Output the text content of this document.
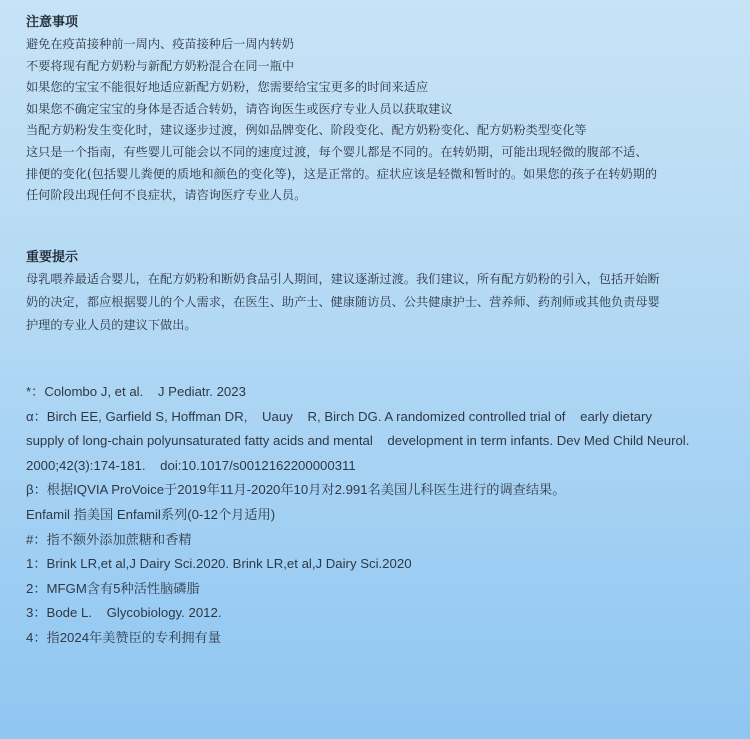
注意事项

避免在疫苗接种前一周内、疫苗接种后一周内转奶

不要将现有配方奶粉与新配方奶粉混合在同一瓶中

如果您的宝宝不能很好地适应新配方奶粉，您需要给宝宝更多的时间来适应

如果您不确定宝宝的身体是否适合转奶，请咨询医生或医疗专业人员以获取建议

当配方奶粉发生变化时，建议逐步过渡，例如品牌变化、阶段变化、配方奶粉变化、配方奶粉类型变化等

这只是一个指南，有些婴儿可能会以不同的速度过渡，每个婴儿都是不同的。在转奶期，可能出现轻微的腹部不适、

排便的变化(包括婴儿粪便的质地和颜色的变化等)，这是正常的。症状应该是轻微和暂时的。如果您的孩子在转奶期的

任何阶段出现任何不良症状，请咨询医疗专业人员。

重要提示

母乳喂养最适合婴儿，在配方奶粉和断奶食品引人期间，建议逐渐过渡。我们建议，所有配方奶粉的引入，包括开始断

奶的决定，都应根据婴儿的个人需求，在医生、助产士、健康随访员、公共健康护士、营养师、药剂师或其他负责母婴

护理的专业人员的建议下做出。

*：Colombo J, et al.    J Pediatr. 2023

α：Birch EE, Garfield S, Hoffman DR,    Uauy    R, Birch DG. A randomized controlled trial of    early dietary

supply of long-chain polyunsaturated fatty acids and mental    development in term infants. Dev Med Child Neurol.

2000;42(3):174-181.    doi:10.1017/s0012162200000311

β：根据IQVIA ProVoice于2019年11月-2020年10月对2.991名美国儿科医生进行的调查结果。

Enfamil 指美国 Enfamil系列(0-12个月适用)

#：指不额外添加蔗糖和香精

1：Brink LR,et al,J Dairy Sci.2020. Brink LR,et al,J Dairy Sci.2020

2：MFGM含有5种活性脑磷脂

3：Bode L.    Glycobiology. 2012.

4：指2024年美赞臣的专利拥有量
